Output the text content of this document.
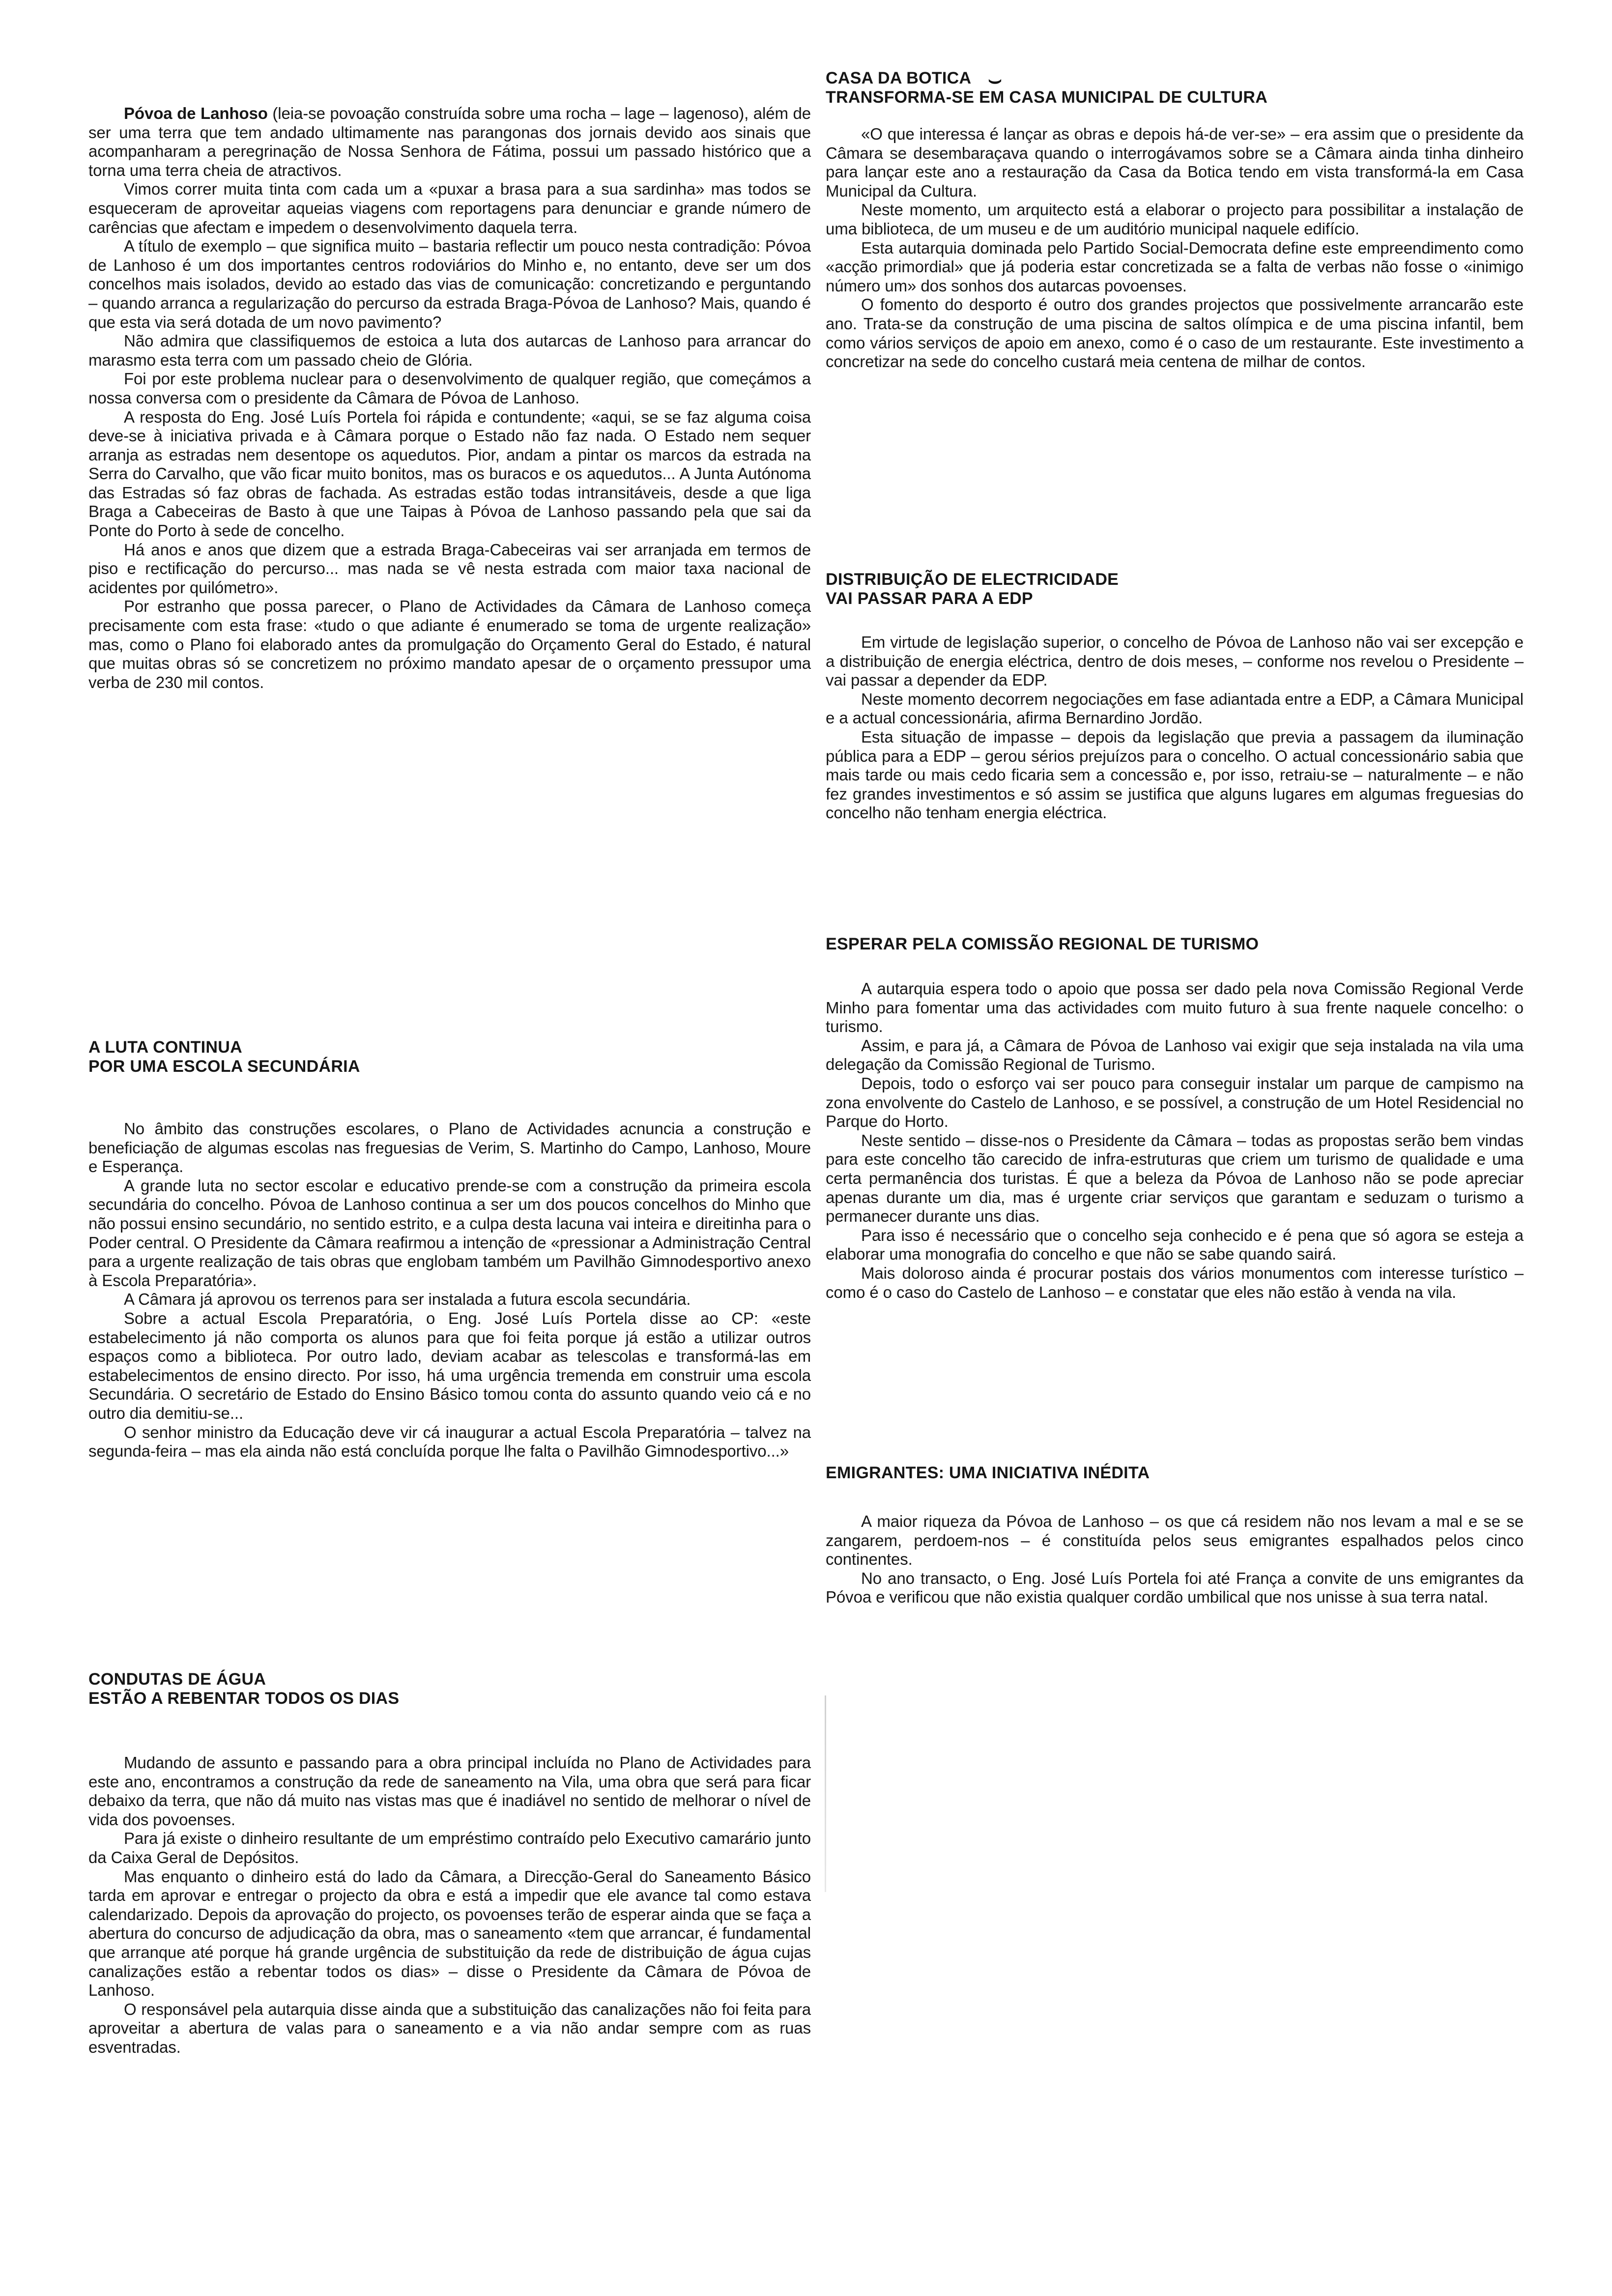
Póvoa de Lanhoso (leia-se povoação construída sobre uma rocha – lage – lagenoso), além de ser uma terra que tem andado ultimamente nas parangonas dos jornais devido aos sinais que acompanharam a peregrinação de Nossa Senhora de Fátima, possui um passado histórico que a torna uma terra cheia de atractivos.

Vimos correr muita tinta com cada um a «puxar a brasa para a sua sardinha» mas todos se esqueceram de aproveitar aqueias viagens com reportagens para denunciar e grande número de carências que afectam e impedem o desenvolvimento daquela terra.

A título de exemplo – que significa muito – bastaria reflectir um pouco nesta contradição: Póvoa de Lanhoso é um dos importantes centros rodoviários do Minho e, no entanto, deve ser um dos concelhos mais isolados, devido ao estado das vias de comunicação: concretizando e perguntando – quando arranca a regularização do percurso da estrada Braga-Póvoa de Lanhoso? Mais, quando é que esta via será dotada de um novo pavimento?

Não admira que classifiquemos de estoica a luta dos autarcas de Lanhoso para arrancar do marasmo esta terra com um passado cheio de Glória.

Foi por este problema nuclear para o desenvolvimento de qualquer região, que começámos a nossa conversa com o presidente da Câmara de Póvoa de Lanhoso.

A resposta do Eng. José Luís Portela foi rápida e contundente; «aqui, se se faz alguma coisa deve-se à iniciativa privada e à Câmara porque o Estado não faz nada. O Estado nem sequer arranja as estradas nem desentope os aquedutos. Pior, andam a pintar os marcos da estrada na Serra do Carvalho, que vão ficar muito bonitos, mas os buracos e os aquedutos... A Junta Autónoma das Estradas só faz obras de fachada. As estradas estão todas intransitáveis, desde a que liga Braga a Cabeceiras de Basto à que une Taipas à Póvoa de Lanhoso passando pela que sai da Ponte do Porto à sede de concelho.

Há anos e anos que dizem que a estrada Braga-Cabeceiras vai ser arranjada em termos de piso e rectificação do percurso... mas nada se vê nesta estrada com maior taxa nacional de acidentes por quilómetro».

Por estranho que possa parecer, o Plano de Actividades da Câmara de Lanhoso começa precisamente com esta frase: «tudo o que adiante é enumerado se toma de urgente realização» mas, como o Plano foi elaborado antes da promulgação do Orçamento Geral do Estado, é natural que muitas obras só se concretizem no próximo mandato apesar de o orçamento pressupor uma verba de 230 mil contos.

A LUTA CONTINUA
POR UMA ESCOLA SECUNDÁRIA

No âmbito das construções escolares, o Plano de Actividades acnuncia a construção e beneficiação de algumas escolas nas freguesias de Verim, S. Martinho do Campo, Lanhoso, Moure e Esperança.

A grande luta no sector escolar e educativo prende-se com a construção da primeira escola secundária do concelho. Póvoa de Lanhoso continua a ser um dos poucos concelhos do Minho que não possui ensino secundário, no sentido estrito, e a culpa desta lacuna vai inteira e direitinha para o Poder central. O Presidente da Câmara reafirmou a intenção de «pressionar a Administração Central para a urgente realização de tais obras que englobam também um Pavilhão Gimnodesportivo anexo à Escola Preparatória».

A Câmara já aprovou os terrenos para ser instalada a futura escola secundária.

Sobre a actual Escola Preparatória, o Eng. José Luís Portela disse ao CP: «este estabelecimento já não comporta os alunos para que foi feita porque já estão a utilizar outros espaços como a biblioteca. Por outro lado, deviam acabar as telescolas e transformá-las em estabelecimentos de ensino directo. Por isso, há uma urgência tremenda em construir uma escola Secundária. O secretário de Estado do Ensino Básico tomou conta do assunto quando veio cá e no outro dia demitiu-se...

O senhor ministro da Educação deve vir cá inaugurar a actual Escola Preparatória – talvez na segunda-feira – mas ela ainda não está concluída porque lhe falta o Pavilhão Gimnodesportivo...»

CONDUTAS DE ÁGUA
ESTÃO A REBENTAR TODOS OS DIAS

Mudando de assunto e passando para a obra principal incluída no Plano de Actividades para este ano, encontramos a construção da rede de saneamento na Vila, uma obra que será para ficar debaixo da terra, que não dá muito nas vistas mas que é inadiável no sentido de melhorar o nível de vida dos povoenses.

Para já existe o dinheiro resultante de um empréstimo contraído pelo Executivo camarário junto da Caixa Geral de Depósitos.

Mas enquanto o dinheiro está do lado da Câmara, a Direcção-Geral do Saneamento Básico tarda em aprovar e entregar o projecto da obra e está a impedir que ele avance tal como estava calendarizado. Depois da aprovação do projecto, os povoenses terão de esperar ainda que se faça a abertura do concurso de adjudicação da obra, mas o saneamento «tem que arrancar, é fundamental que arranque até porque há grande urgência de substituição da rede de distribuição de água cujas canalizações estão a rebentar todos os dias» – disse o Presidente da Câmara de Póvoa de Lanhoso.

O responsável pela autarquia disse ainda que a substituição das canalizações não foi feita para aproveitar a abertura de valas para o saneamento e a via não andar sempre com as ruas esventradas.

CASA DA BOTICA
TRANSFORMA-SE EM CASA MUNICIPAL DE CULTURA

«O que interessa é lançar as obras e depois há-de ver-se» – era assim que o presidente da Câmara se desembaraçava quando o interrogávamos sobre se a Câmara ainda tinha dinheiro para lançar este ano a restauração da Casa da Botica tendo em vista transformá-la em Casa Municipal da Cultura.

Neste momento, um arquitecto está a elaborar o projecto para possibilitar a instalação de uma biblioteca, de um museu e de um auditório municipal naquele edifício.

Esta autarquia dominada pelo Partido Social-Democrata define este empreendimento como «acção primordial» que já poderia estar concretizada se a falta de verbas não fosse o «inimigo número um» dos sonhos dos autarcas povoenses.

O fomento do desporto é outro dos grandes projectos que possivelmente arrancarão este ano. Trata-se da construção de uma piscina de saltos olímpica e de uma piscina infantil, bem como vários serviços de apoio em anexo, como é o caso de um restaurante. Este investimento a concretizar na sede do concelho custará meia centena de milhar de contos.

DISTRIBUIÇÃO DE ELECTRICIDADE
VAI PASSAR PARA A EDP

Em virtude de legislação superior, o concelho de Póvoa de Lanhoso não vai ser excepção e a distribuição de energia eléctrica, dentro de dois meses, – conforme nos revelou o Presidente – vai passar a depender da EDP.

Neste momento decorrem negociações em fase adiantada entre a EDP, a Câmara Municipal e a actual concessionária, afirma Bernardino Jordão.

Esta situação de impasse – depois da legislação que previa a passagem da iluminação pública para a EDP – gerou sérios prejuízos para o concelho. O actual concessionário sabia que mais tarde ou mais cedo ficaria sem a concessão e, por isso, retraiu-se – naturalmente – e não fez grandes investimentos e só assim se justifica que alguns lugares em algumas freguesias do concelho não tenham energia eléctrica.

ESPERAR PELA COMISSÃO REGIONAL DE TURISMO

A autarquia espera todo o apoio que possa ser dado pela nova Comissão Regional Verde Minho para fomentar uma das actividades com muito futuro à sua frente naquele concelho: o turismo.

Assim, e para já, a Câmara de Póvoa de Lanhoso vai exigir que seja instalada na vila uma delegação da Comissão Regional de Turismo.

Depois, todo o esforço vai ser pouco para conseguir instalar um parque de campismo na zona envolvente do Castelo de Lanhoso, e se possível, a construção de um Hotel Residencial no Parque do Horto.

Neste sentido – disse-nos o Presidente da Câmara – todas as propostas serão bem vindas para este concelho tão carecido de infra-estruturas que criem um turismo de qualidade e uma certa permanência dos turistas. É que a beleza da Póvoa de Lanhoso não se pode apreciar apenas durante um dia, mas é urgente criar serviços que garantam e seduzam o turismo a permanecer durante uns dias.

Para isso é necessário que o concelho seja conhecido e é pena que só agora se esteja a elaborar uma monografia do concelho e que não se sabe quando sairá.

Mais doloroso ainda é procurar postais dos vários monumentos com interesse turístico – como é o caso do Castelo de Lanhoso – e constatar que eles não estão à venda na vila.

EMIGRANTES: UMA INICIATIVA INÉDITA

A maior riqueza da Póvoa de Lanhoso – os que cá residem não nos levam a mal e se se zangarem, perdoem-nos – é constituída pelos seus emigrantes espalhados pelos cinco continentes.

No ano transacto, o Eng. José Luís Portela foi até França a convite de uns emigrantes da Póvoa e verificou que não existia qualquer cordão umbilical que nos unisse à sua terra natal.

⌣
